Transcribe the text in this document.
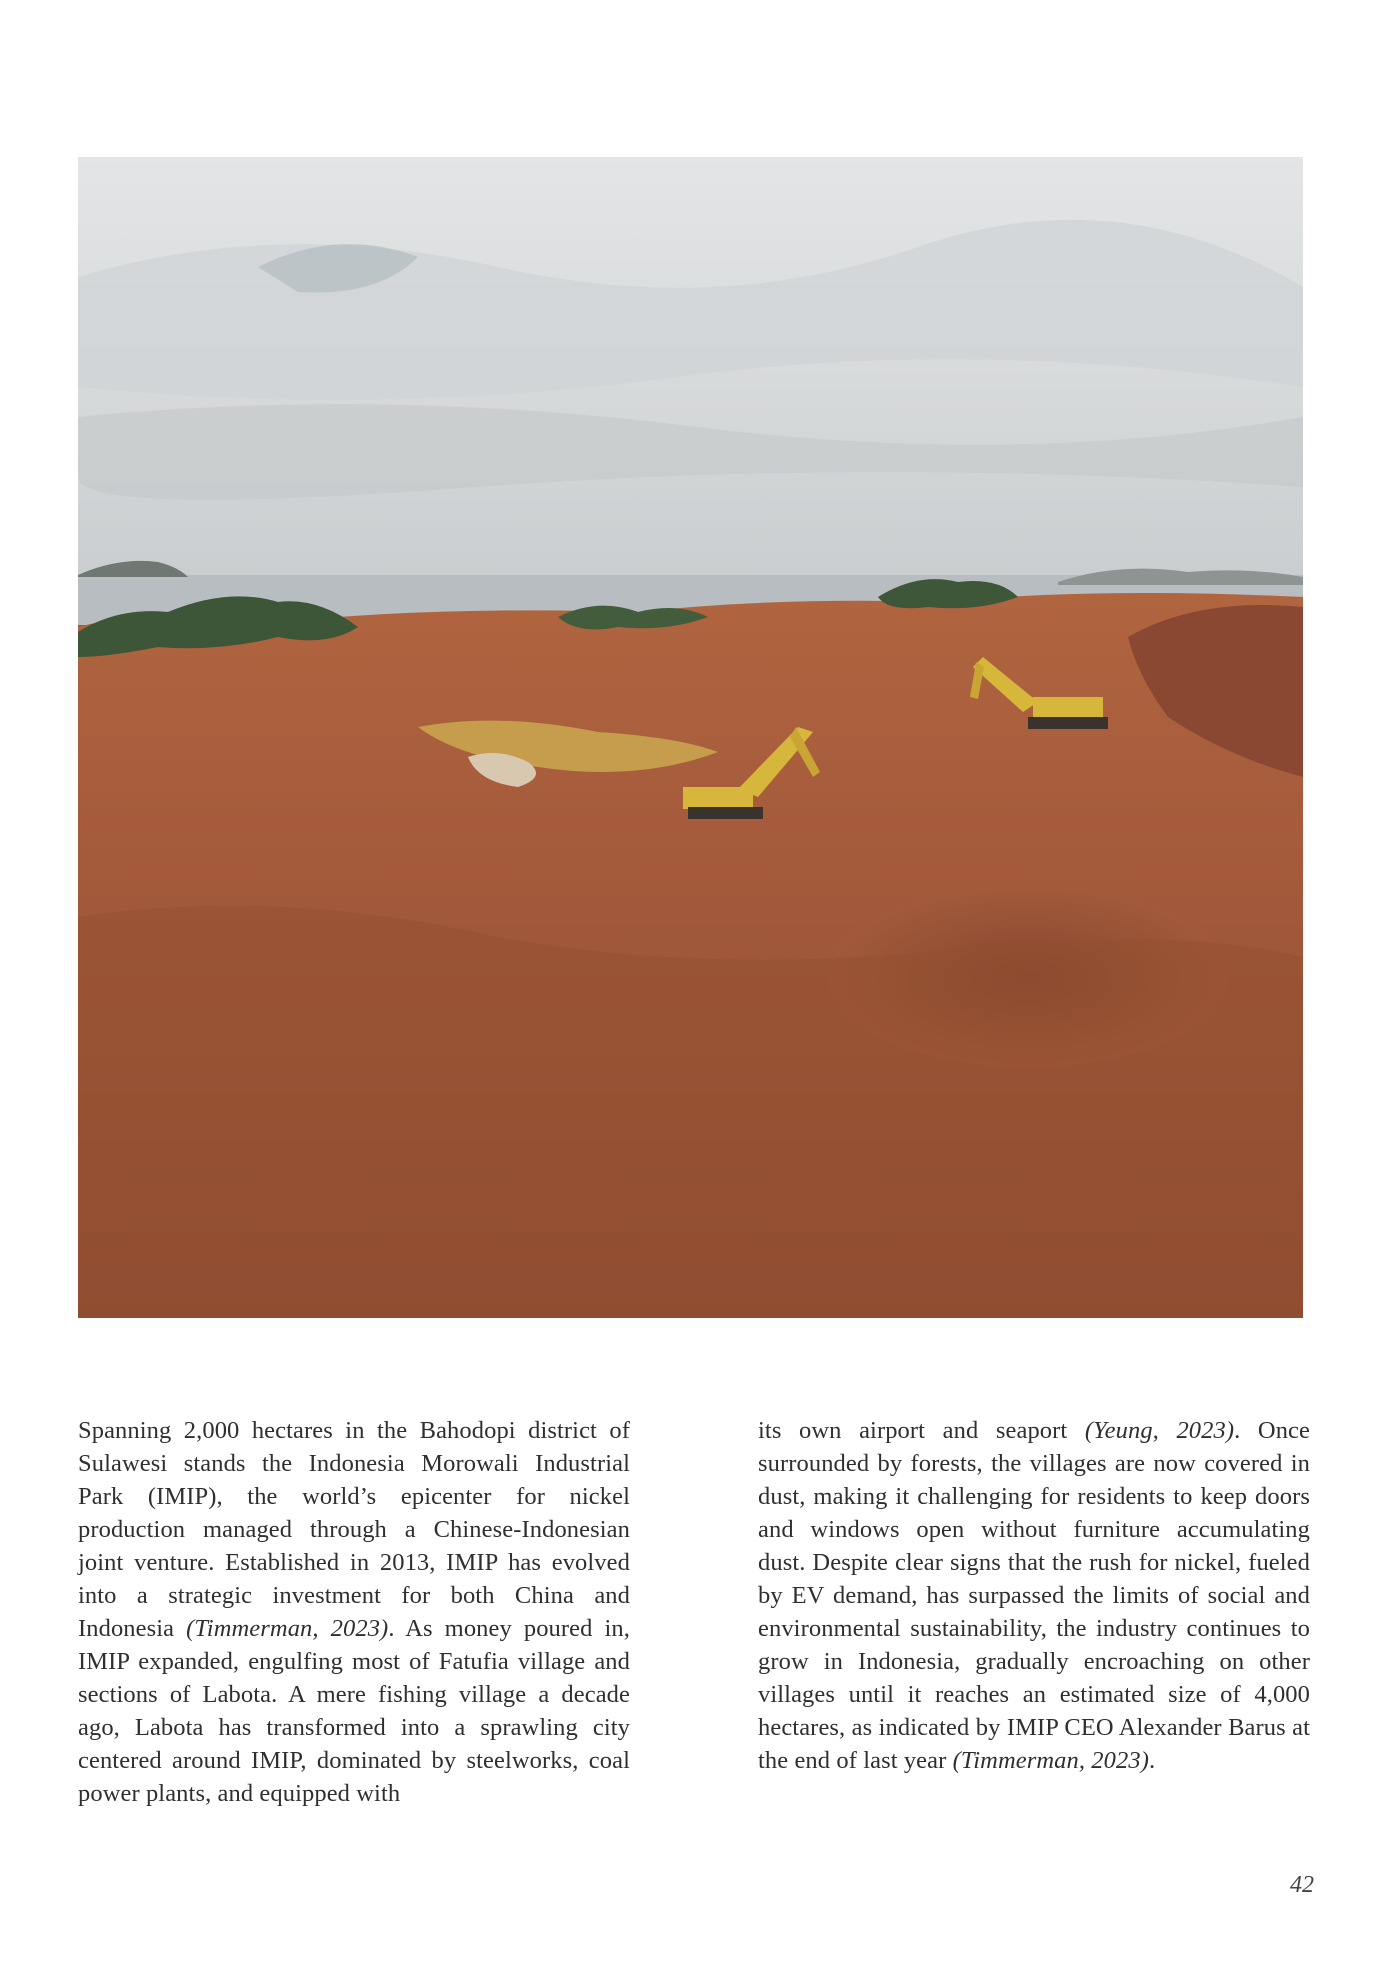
Spanning 2,000 hectares in the Bahodopi district of Sulawesi stands the Indonesia Morowali Industrial Park (IMIP), the world’s epicenter for nickel production managed through a Chinese-Indonesian joint venture. Established in 2013, IMIP has evolved into a strategic investment for both China and Indonesia (Timmerman, 2023). As money poured in, IMIP expanded, engulfing most of Fatufia village and sections of Labota. A mere fishing village a decade ago, Labota has transformed into a sprawling city centered around IMIP, dominated by steelworks, coal power plants, and equipped with

its own airport and seaport (Yeung, 2023). Once surrounded by forests, the villages are now covered in dust, making it challenging for residents to keep doors and windows open without furniture accumulating dust. Despite clear signs that the rush for nickel, fueled by EV demand, has surpassed the limits of social and environmental sustainability, the industry continues to grow in Indonesia, gradually encroaching on other villages until it reaches an estimated size of 4,000 hectares, as indicated by IMIP CEO Alexander Barus at the end of last year (Timmerman, 2023).

42
